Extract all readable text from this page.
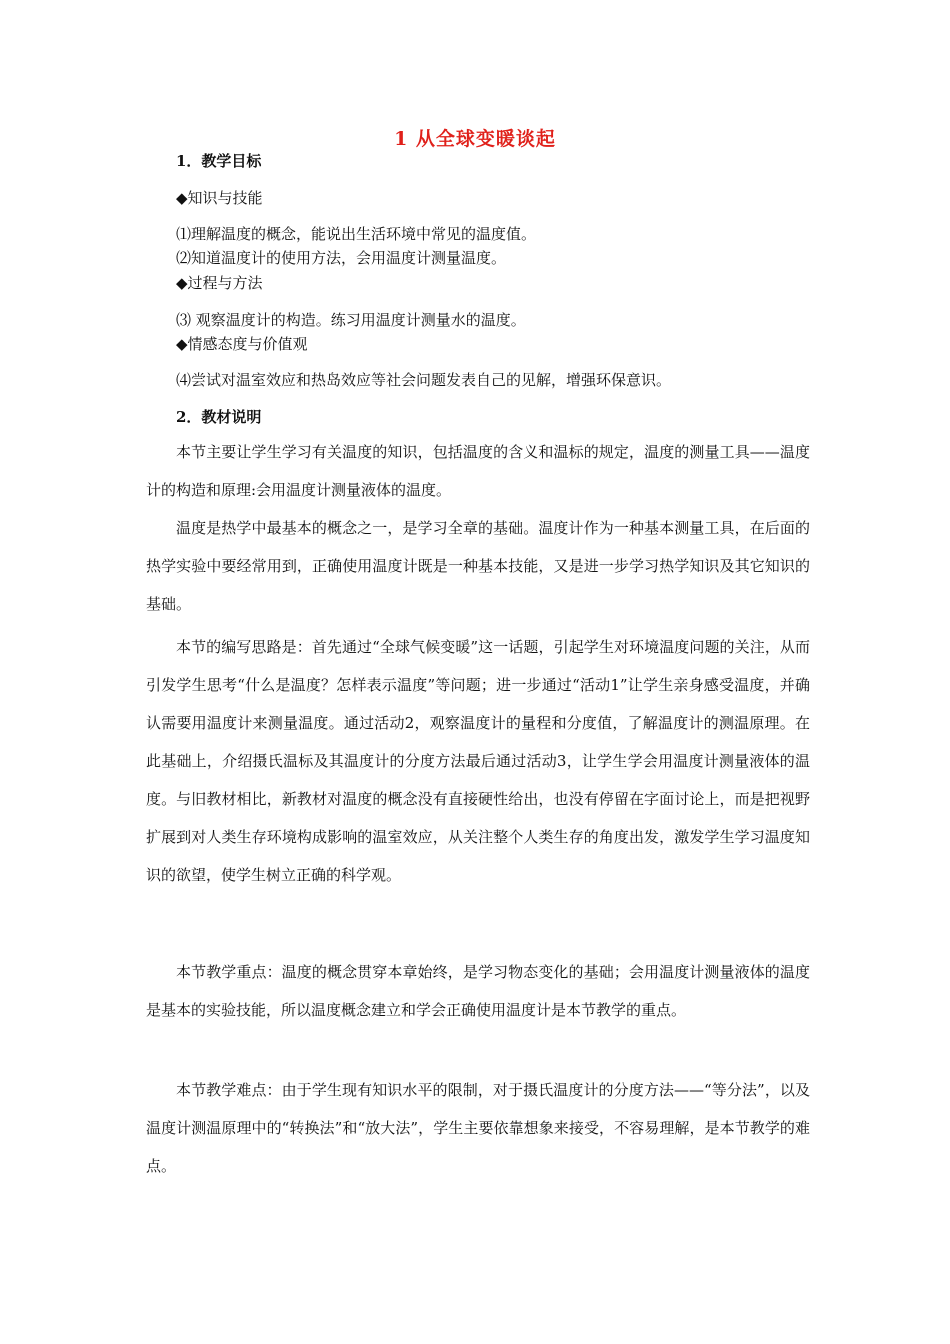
1 从全球变暖谈起
1．教学目标
◆知识与技能
⑴理解温度的概念，能说出生活环境中常见的温度值。
⑵知道温度计的使用方法，会用温度计测量温度。
◆过程与方法
⑶ 观察温度计的构造。练习用温度计测量水的温度。
◆情感态度与价值观
⑷尝试对温室效应和热岛效应等社会问题发表自己的见解，增强环保意识。
2．教材说明

本节主要让学生学习有关温度的知识，包括温度的含义和温标的规定，温度的测量工具——温度计的构造和原理:会用温度计测量液体的温度。

温度是热学中最基本的概念之一，是学习全章的基础。温度计作为一种基本测量工具，在后面的热学实验中要经常用到，正确使用温度计既是一种基本技能，又是进一步学习热学知识及其它知识的基础。

本节的编写思路是：首先通过“全球气候变暖”这一话题，引起学生对环境温度问题的关注，从而引发学生思考“什么是温度？怎样表示温度”等问题；进一步通过“活动1”让学生亲身感受温度，并确认需要用温度计来测量温度。通过活动2，观察温度计的量程和分度值，了解温度计的测温原理。在此基础上，介绍摄氏温标及其温度计的分度方法最后通过活动3，让学生学会用温度计测量液体的温度。与旧教材相比，新教材对温度的概念没有直接硬性给出，也没有停留在字面讨论上，而是把视野扩展到对人类生存环境构成影响的温室效应，从关注整个人类生存的角度出发，激发学生学习温度知识的欲望，使学生树立正确的科学观。

本节教学重点：温度的概念贯穿本章始终，是学习物态变化的基础；会用温度计测量液体的温度是基本的实验技能，所以温度概念建立和学会正确使用温度计是本节教学的重点。

本节教学难点：由于学生现有知识水平的限制，对于摄氏温度计的分度方法——“等分法”，以及温度计测温原理中的“转换法”和“放大法”，学生主要依靠想象来接受，不容易理解，是本节教学的难点。
